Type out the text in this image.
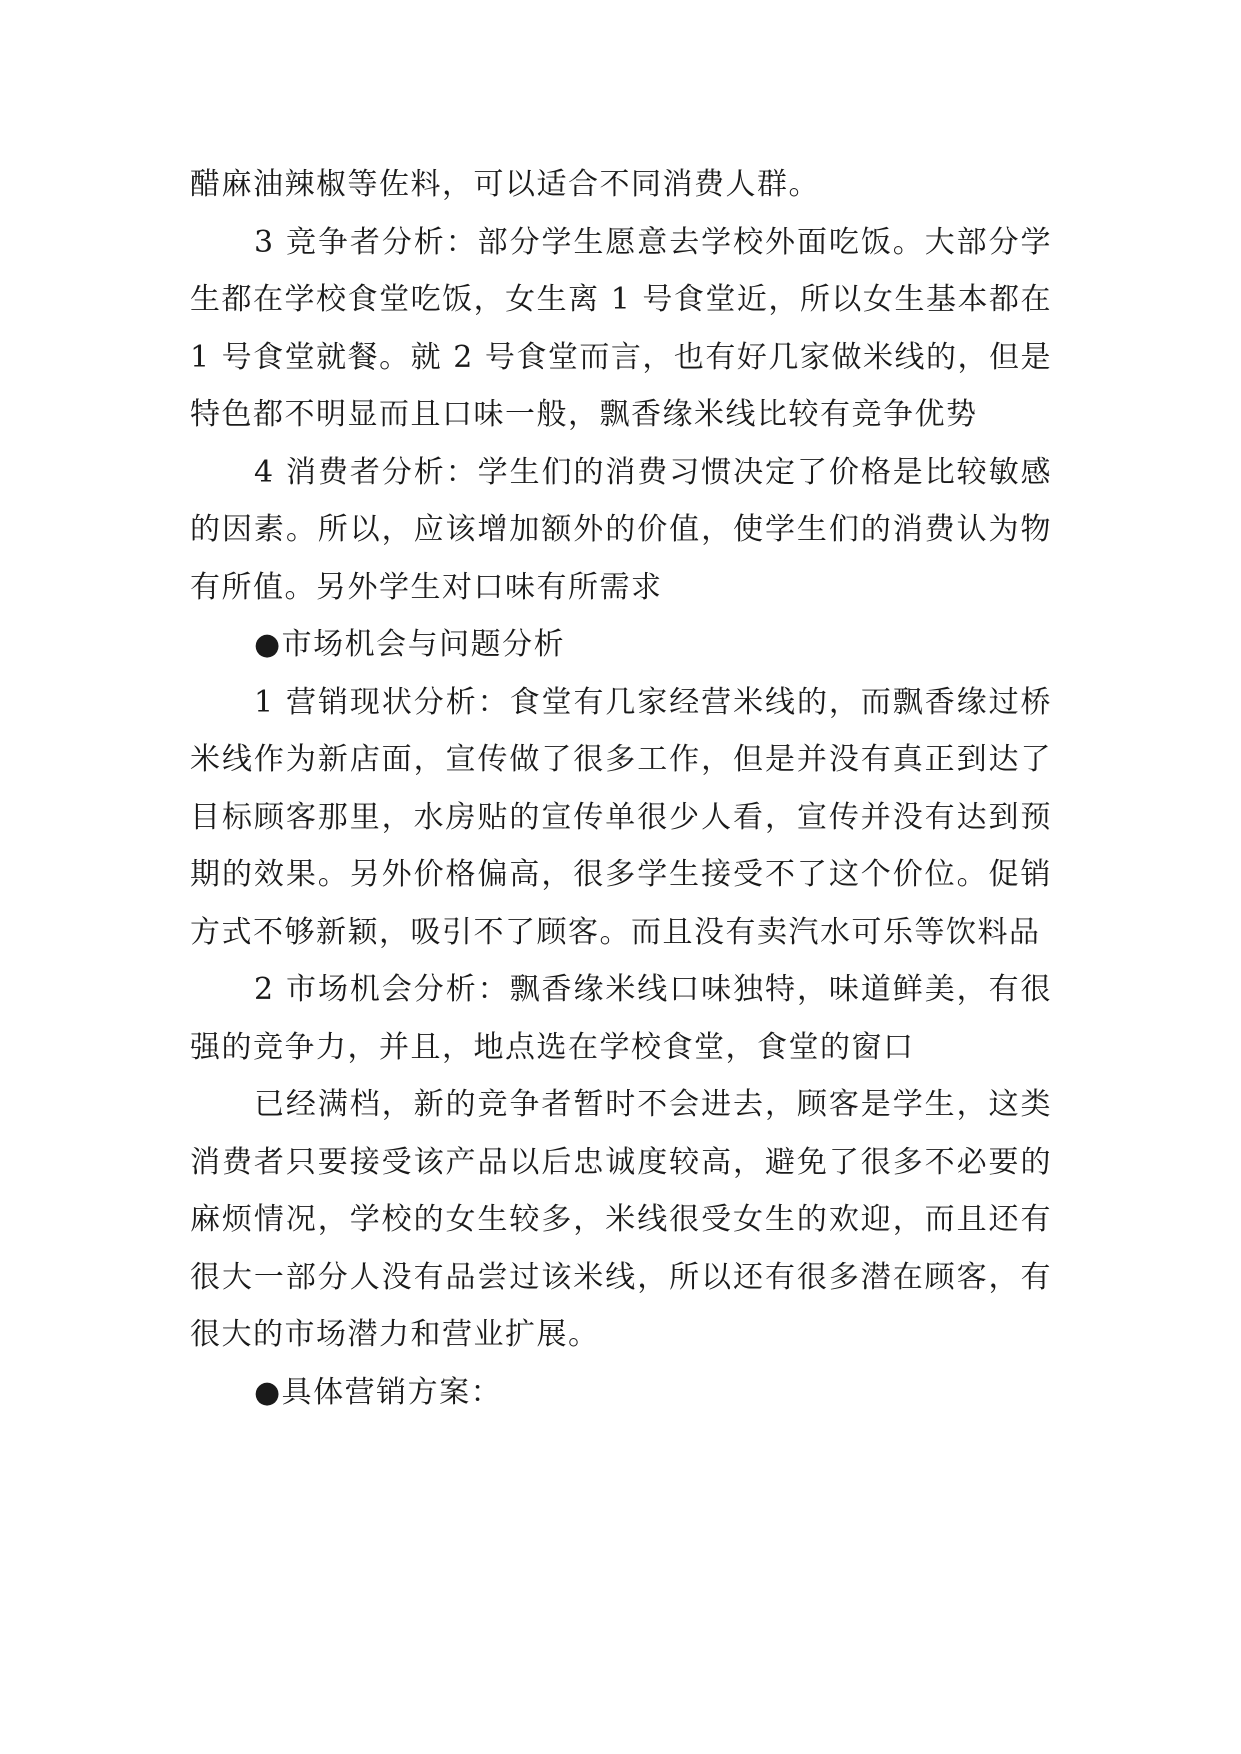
醋麻油辣椒等佐料，可以适合不同消费人群。

3 竞争者分析：部分学生愿意去学校外面吃饭。大部分学生都在学校食堂吃饭，女生离 1 号食堂近，所以女生基本都在 1 号食堂就餐。就 2 号食堂而言，也有好几家做米线的，但是特色都不明显而且口味一般，飘香缘米线比较有竞争优势

4 消费者分析：学生们的消费习惯决定了价格是比较敏感的因素。所以，应该增加额外的价值，使学生们的消费认为物有所值。另外学生对口味有所需求

●市场机会与问题分析

1 营销现状分析：食堂有几家经营米线的，而飘香缘过桥米线作为新店面，宣传做了很多工作，但是并没有真正到达了目标顾客那里，水房贴的宣传单很少人看，宣传并没有达到预期的效果。另外价格偏高，很多学生接受不了这个价位。促销方式不够新颖，吸引不了顾客。而且没有卖汽水可乐等饮料品

2 市场机会分析：飘香缘米线口味独特，味道鲜美，有很强的竞争力，并且，地点选在学校食堂，食堂的窗口

已经满档，新的竞争者暂时不会进去，顾客是学生，这类消费者只要接受该产品以后忠诚度较高，避免了很多不必要的麻烦情况，学校的女生较多，米线很受女生的欢迎，而且还有很大一部分人没有品尝过该米线，所以还有很多潜在顾客，有很大的市场潜力和营业扩展。

●具体营销方案：
